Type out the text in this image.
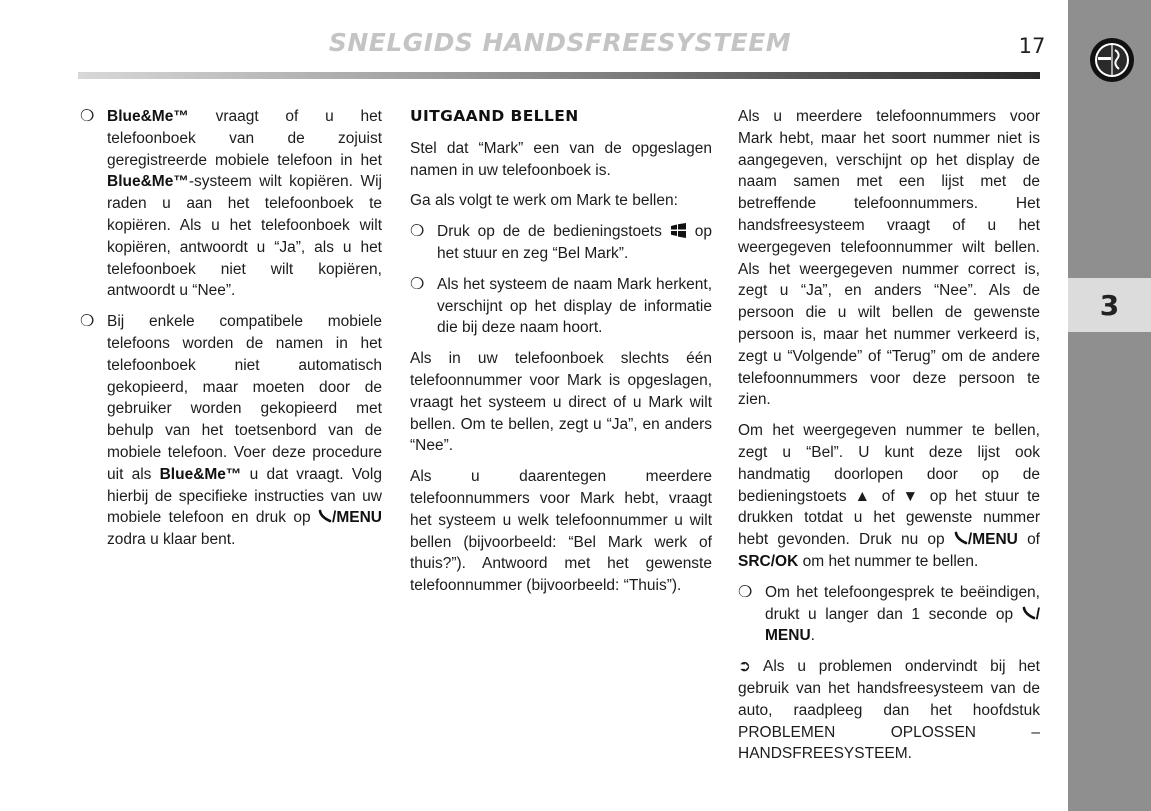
SNELGIDS HANDSFREESYSTEEM	17
3
❍ Blue&Me™ vraagt of u het telefoonboek van de zojuist geregistreerde mobiele telefoon in het Blue&Me™-systeem wilt kopiëren. Wij raden u aan het telefoonboek te kopiëren. Als u het telefoonboek wilt kopiëren, antwoordt u “Ja”, als u het telefoonboek niet wilt kopiëren, antwoordt u “Nee”.
❍ Bij enkele compatibele mobiele telefoons worden de namen in het telefoonboek niet automatisch gekopieerd, maar moeten door de gebruiker worden gekopieerd met behulp van het toetsenbord van de mobiele telefoon. Voer deze procedure uit als Blue&Me™ u dat vraagt. Volg hierbij de specifieke instructies van uw mobiele telefoon en druk op /MENU zodra u klaar bent.
UITGAAND BELLEN

Stel dat “Mark” een van de opgeslagen namen in uw telefoonboek is.

Ga als volgt te werk om Mark te bellen:

❍ Druk op de de bedieningstoets  op het stuur en zeg “Bel Mark”.
❍ Als het systeem de naam Mark herkent, verschijnt op het display de informatie die bij deze naam hoort.

Als in uw telefoonboek slechts één telefoonnummer voor Mark is opgeslagen, vraagt het systeem u direct of u Mark wilt bellen. Om te bellen, zegt u “Ja”, en anders “Nee”.

Als u daarentegen meerdere telefoonnummers voor Mark hebt, vraagt het systeem u welk telefoonnummer u wilt bellen (bijvoorbeeld: “Bel Mark werk of thuis?”). Antwoord met het gewenste telefoonnummer (bijvoorbeeld: “Thuis”).

Als u meerdere telefoonnummers voor Mark hebt, maar het soort nummer niet is aangegeven, verschijnt op het display de naam samen met een lijst met de betreffende telefoonnummers. Het handsfreesysteem vraagt of u het weergegeven telefoonnummer wilt bellen. Als het weergegeven nummer correct is, zegt u “Ja”, en anders “Nee”. Als de persoon die u wilt bellen de gewenste persoon is, maar het nummer verkeerd is, zegt u “Volgende” of “Terug” om de andere telefoonnummers voor deze persoon te zien.

Om het weergegeven nummer te bellen, zegt u “Bel”. U kunt deze lijst ook handmatig doorlopen door op de bedieningstoets ▲ of ▼ op het stuur te drukken totdat u het gewenste nummer hebt gevonden. Druk nu op /MENU of SRC/OK om het nummer te bellen.

❍ Om het telefoongesprek te beëindigen, drukt u langer dan 1 seconde op / MENU.

➲ Als u problemen ondervindt bij het gebruik van het handsfreesysteem van de auto, raadpleeg dan het hoofdstuk PROBLEMEN OPLOSSEN – HANDSFREESYSTEEM.
